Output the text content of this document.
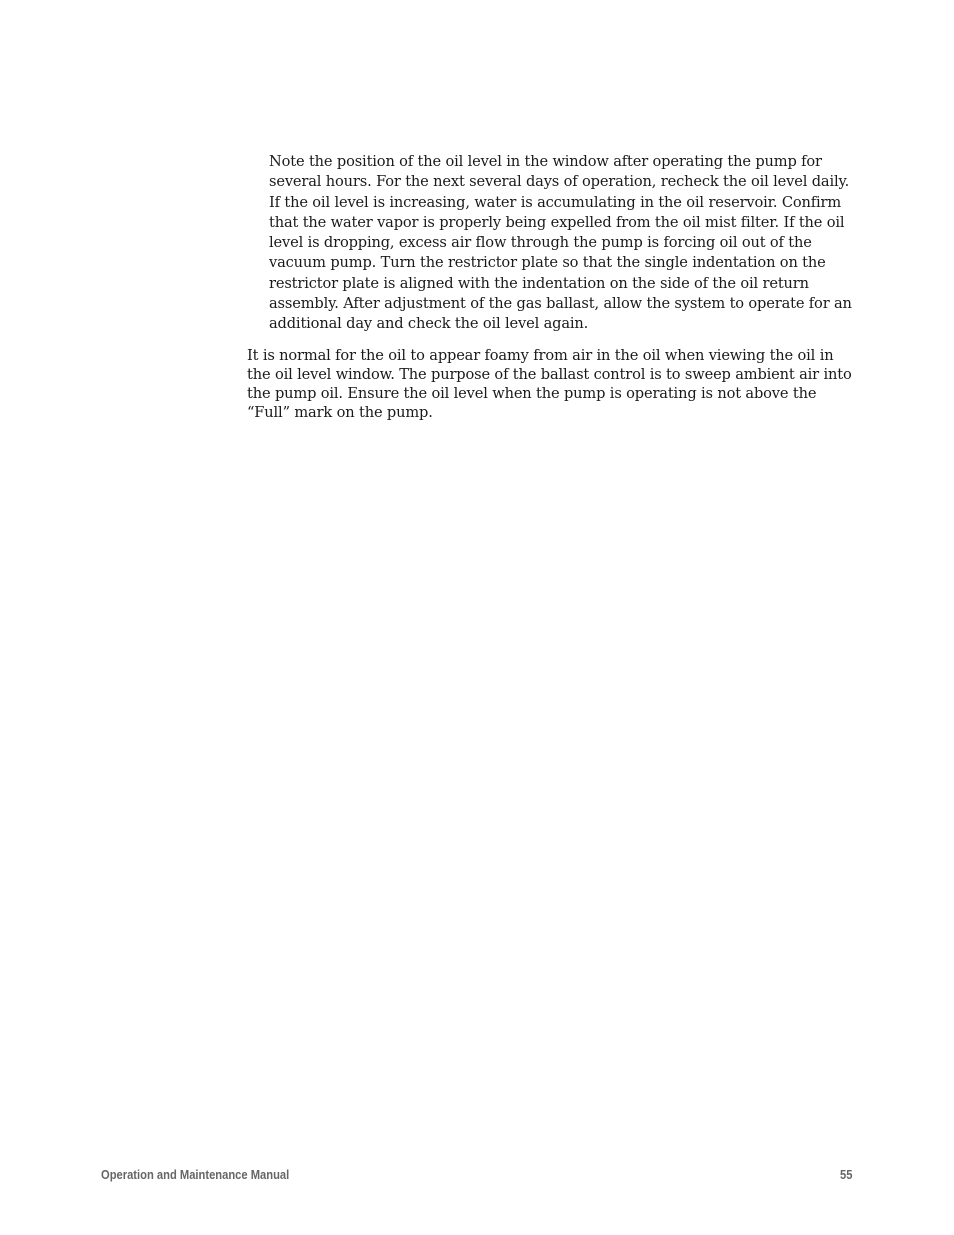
Note the position of the oil level in the window after operating the pump for several hours. For the next several days of operation, recheck the oil level daily. If the oil level is increasing, water is accumulating in the oil reservoir. Confirm that the water vapor is properly being expelled from the oil mist filter. If the oil level is dropping, excess air flow through the pump is forcing oil out of the vacuum pump. Turn the restrictor plate so that the single indentation on the restrictor plate is aligned with the indentation on the side of the oil return assembly. After adjustment of the gas ballast, allow the system to operate for an additional day and check the oil level again.

It is normal for the oil to appear foamy from air in the oil when viewing the oil in the oil level window. The purpose of the ballast control is to sweep ambient air into the pump oil. Ensure the oil level when the pump is operating is not above the “Full” mark on the pump.

Operation and Maintenance Manual	55
